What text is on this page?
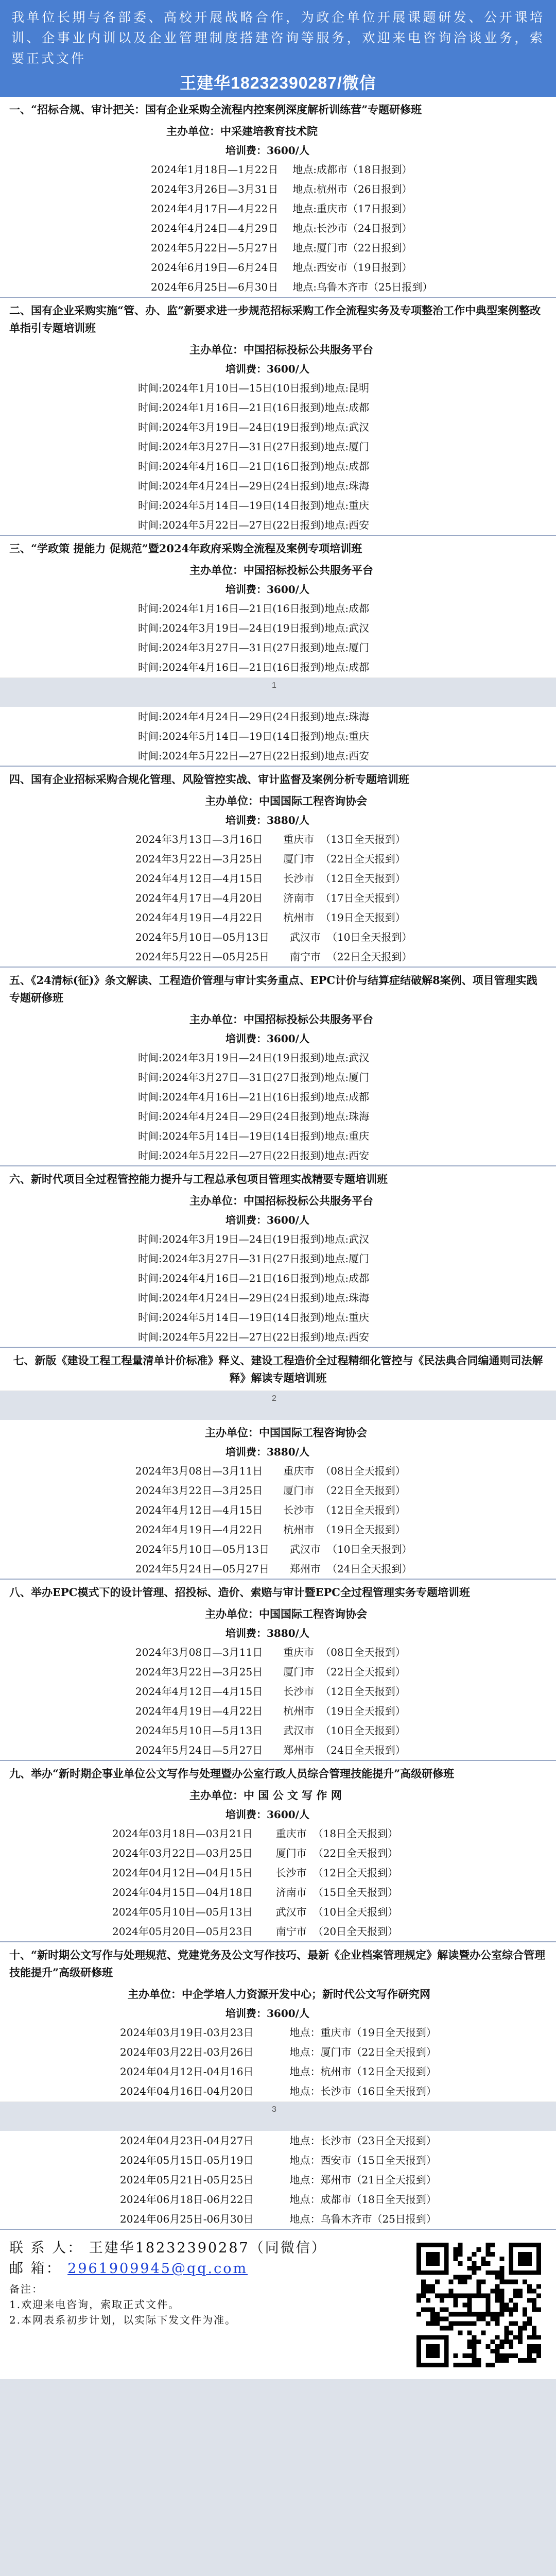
我单位长期与各部委、高校开展战略合作，为政企单位开展课题研发、公开课培训、企事业内训以及企业管理制度搭建咨询等服务，欢迎来电咨询洽谈业务，索要正式文件
王建华18232390287/微信
一、“招标合规、审计把关：国有企业采购全流程内控案例深度解析训练营”专题研修班
主办单位：中采建培教育技术院
培训费：3600/人
2024年1月18日—1月22日 地点:成都市（18日报到）
2024年3月26日—3月31日 地点:杭州市（26日报到）
2024年4月17日—4月22日 地点:重庆市（17日报到）
2024年4月24日—4月29日 地点:长沙市（24日报到）
2024年5月22日—5月27日 地点:厦门市（22日报到）
2024年6月19日—6月24日 地点:西安市（19日报到）
2024年6月25日—6月30日 地点:乌鲁木齐市（25日报到）
二、国有企业采购实施“管、办、监”新要求进一步规范招标采购工作全流程实务及专项整治工作中典型案例整改单指引专题培训班
主办单位：中国招标投标公共服务平台
培训费：3600/人
时间:2024年1月10日—15日(10日报到) 地点:昆明
时间:2024年1月16日—21日(16日报到) 地点:成都
时间:2024年3月19日—24日(19日报到) 地点:武汉
时间:2024年3月27日—31日(27日报到) 地点:厦门
时间:2024年4月16日—21日(16日报到) 地点:成都
时间:2024年4月24日—29日(24日报到) 地点:珠海
时间:2024年5月14日—19日(14日报到) 地点:重庆
时间:2024年5月22日—27日(22日报到) 地点:西安
三、“学政策 提能力 促规范”暨2024年政府采购全流程及案例专项培训班
主办单位：中国招标投标公共服务平台
培训费：3600/人
时间:2024年1月16日—21日(16日报到) 地点:成都
时间:2024年3月19日—24日(19日报到) 地点:武汉
时间:2024年3月27日—31日(27日报到) 地点:厦门
时间:2024年4月16日—21日(16日报到) 地点:成都
1
时间:2024年4月24日—29日(24日报到) 地点:珠海
时间:2024年5月14日—19日(14日报到) 地点:重庆
时间:2024年5月22日—27日(22日报到) 地点:西安
四、国有企业招标采购合规化管理、风险管控实战、审计监督及案例分析专题培训班
主办单位：中国国际工程咨询协会
培训费：3880/人
2024年3月13日—3月16日 重庆市 （13日全天报到）
2024年3月22日—3月25日 厦门市 （22日全天报到）
2024年4月12日—4月15日 长沙市 （12日全天报到）
2024年4月17日—4月20日 济南市 （17日全天报到）
2024年4月19日—4月22日 杭州市 （19日全天报到）
2024年5月10日—05月13日 武汉市 （10日全天报到）
2024年5月22日—05月25日 南宁市 （22日全天报到）
五、《24清标(征)》条文解读、工程造价管理与审计实务重点、EPC计价与结算症结破解8案例、项目管理实践专题研修班
主办单位：中国招标投标公共服务平台
培训费：3600/人
时间:2024年3月19日—24日(19日报到) 地点:武汉
时间:2024年3月27日—31日(27日报到) 地点:厦门
时间:2024年4月16日—21日(16日报到) 地点:成都
时间:2024年4月24日—29日(24日报到) 地点:珠海
时间:2024年5月14日—19日(14日报到) 地点:重庆
时间:2024年5月22日—27日(22日报到) 地点:西安
六、新时代项目全过程管控能力提升与工程总承包项目管理实战精要专题培训班
主办单位：中国招标投标公共服务平台
培训费：3600/人
时间:2024年3月19日—24日(19日报到) 地点:武汉
时间:2024年3月27日—31日(27日报到) 地点:厦门
时间:2024年4月16日—21日(16日报到) 地点:成都
时间:2024年4月24日—29日(24日报到) 地点:珠海
时间:2024年5月14日—19日(14日报到) 地点:重庆
时间:2024年5月22日—27日(22日报到) 地点:西安
七、新版《建设工程工程量清单计价标准》释义、建设工程造价全过程精细化管控与《民法典合同编通则司法解释》解读专题培训班
2
主办单位：中国国际工程咨询协会
培训费：3880/人
2024年3月08日—3月11日 重庆市 （08日全天报到）
2024年3月22日—3月25日 厦门市 （22日全天报到）
2024年4月12日—4月15日 长沙市 （12日全天报到）
2024年4月19日—4月22日 杭州市 （19日全天报到）
2024年5月10日—05月13日 武汉市 （10日全天报到）
2024年5月24日—05月27日 郑州市 （24日全天报到）
八、举办EPC模式下的设计管理、招投标、造价、索赔与审计暨EPC全过程管理实务专题培训班
主办单位：中国国际工程咨询协会
培训费：3880/人
2024年3月08日—3月11日 重庆市 （08日全天报到）
2024年3月22日—3月25日 厦门市 （22日全天报到）
2024年4月12日—4月15日 长沙市 （12日全天报到）
2024年4月19日—4月22日 杭州市 （19日全天报到）
2024年5月10日—5月13日 武汉市 （10日全天报到）
2024年5月24日—5月27日 郑州市 （24日全天报到）
九、举办“新时期企事业单位公文写作与处理暨办公室行政人员综合管理技能提升”高级研修班
主办单位：中 国 公 文 写 作 网
培训费：3600/人
2024年03月18日—03月21日 重庆市 （18日全天报到）
2024年03月22日—03月25日 厦门市 （22日全天报到）
2024年04月12日—04月15日 长沙市 （12日全天报到）
2024年04月15日—04月18日 济南市 （15日全天报到）
2024年05月10日—05月13日 武汉市 （10日全天报到）
2024年05月20日—05月23日 南宁市 （20日全天报到）
十、“新时期公文写作与处理规范、党建党务及公文写作技巧、最新《企业档案管理规定》解读暨办公室综合管理技能提升”高级研修班
主办单位：中企学培人力资源开发中心；新时代公文写作研究网
培训费：3600/人
2024年03月19日-03月23日	地点：重庆市（19日全天报到）
2024年03月22日-03月26日	地点：厦门市（22日全天报到）
2024年04月12日-04月16日	地点：杭州市（12日全天报到）
2024年04月16日-04月20日	地点：长沙市（16日全天报到）
3
2024年04月23日-04月27日	地点：长沙市（23日全天报到）
2024年05月15日-05月19日	地点：西安市（15日全天报到）
2024年05月21日-05月25日	地点：郑州市（21日全天报到）
2024年06月18日-06月22日	地点：成都市（18日全天报到）
2024年06月25日-06月30日	地点：乌鲁木齐市（25日报到）
联 系 人： 王建华18232390287（同微信）
邮 箱： 2961909945@qq.com
备注：
1.欢迎来电咨询，索取正式文件。
2.本网表系初步计划，以实际下发文件为准。
